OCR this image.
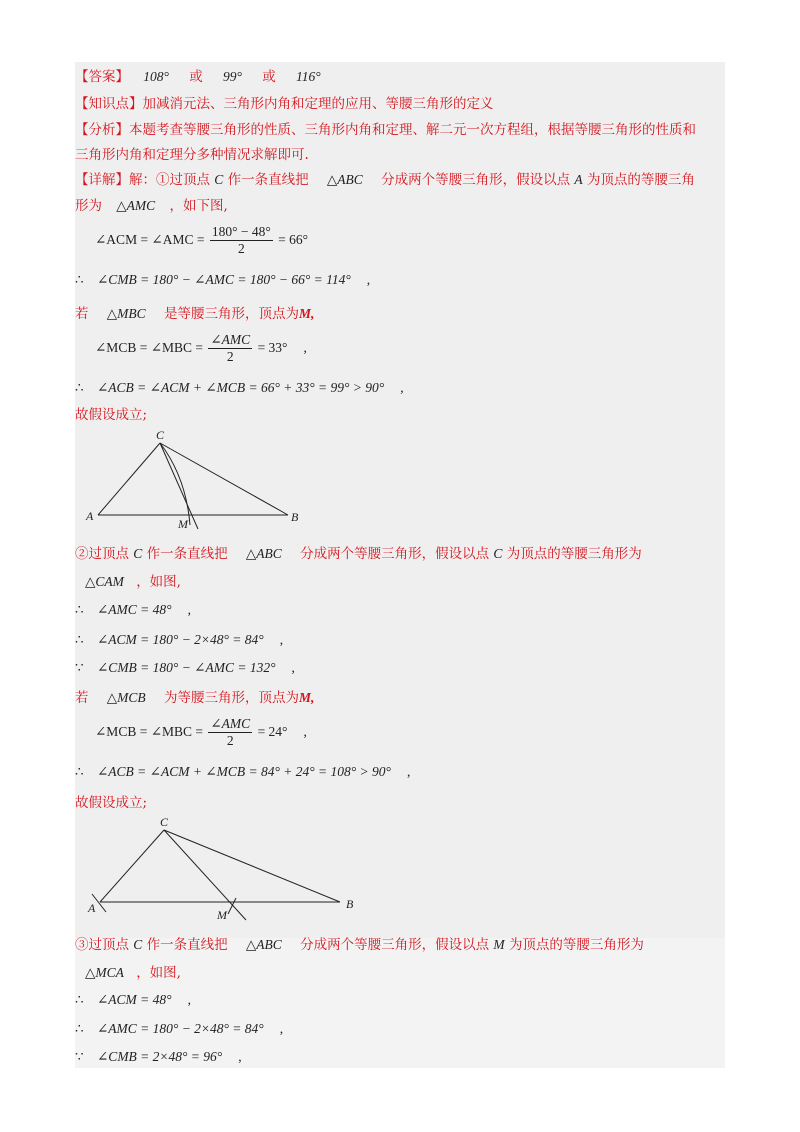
【答案】 108° 或 99° 或 116°
【知识点】加减消元法、三角形内角和定理的应用、等腰三角形的定义
【分析】本题考查等腰三角形的性质、三角形内角和定理、解二元一次方程组，根据等腰三角形的性质和
三角形内角和定理分多种情况求解即可.
【详解】解：①过顶点 C 作一条直线把 △ABC 分成两个等腰三角形，假设以点 A 为顶点的等腰三角
形为 △AMC ，如下图,
∠ACM = ∠AMC = $\frac{180^\circ - 48^\circ}{2} = 66^\circ$
∴ ∠CMB = 180° − ∠AMC = 180° − 66° = 114° ,
若 △MBC 是等腰三角形，顶点为M,
∠MCB = ∠MBC = $\frac{\text{∠AMC}}{2} = 33^\circ$ ,
∴ ∠ACB = ∠ACM + ∠MCB = 66° + 33° = 99° > 90° ,
故假设成立;
C
A
M	B
②过顶点 C 作一条直线把 △ABC 分成两个等腰三角形，假设以点 C 为顶点的等腰三角形为
△CAM ，如图,
∴ ∠AMC = 48° ,
∴ ∠ACM = 180° − 2×48° = 84° ,
∵ ∠CMB = 180° − ∠AMC = 132° ,
若 △MCB 为等腰三角形，顶点为M,
∠MCB = ∠MBC = $\frac{\text{∠AMC}}{2} = 24^\circ$ ,
∴ ∠ACB = ∠ACM + ∠MCB = 84° + 24° = 108° > 90° ,
故假设成立;
C
A	M
B
③过顶点 C 作一条直线把 △ABC 分成两个等腰三角形，假设以点 M 为顶点的等腰三角形为
△MCA ，如图,
∴ ∠ACM = 48° ,
∴ ∠AMC = 180° − 2×48° = 84° ,
∵ ∠CMB = 2×48° = 96° ,
